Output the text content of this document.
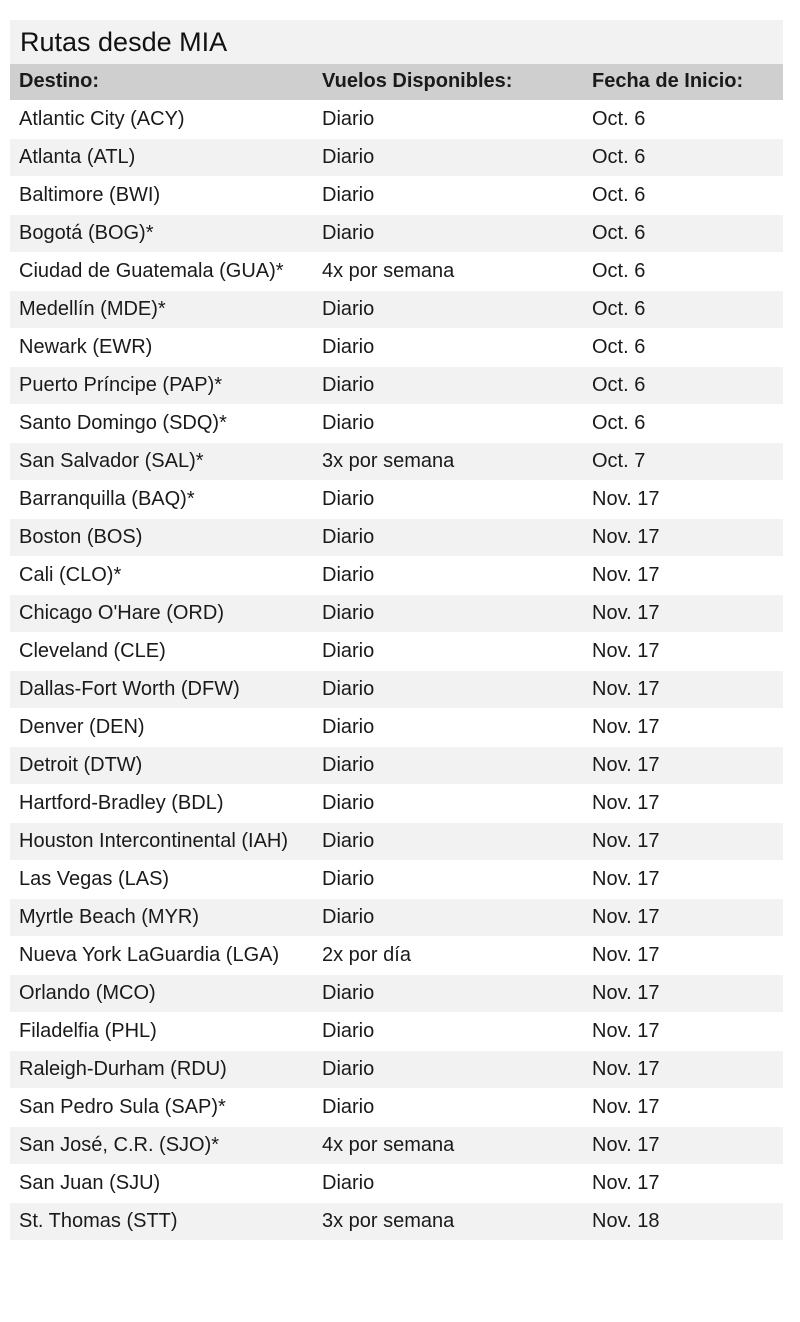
Rutas desde MIA
Destino:	Vuelos Disponibles:	Fecha de Inicio:

Atlantic City (ACY)	Diario	Oct. 6

Atlanta (ATL)	Diario	Oct. 6

Baltimore (BWI)	Diario	Oct. 6

Bogotá (BOG)*	Diario	Oct. 6

Ciudad de Guatemala (GUA)*	4x por semana	Oct. 6

Medellín (MDE)*	Diario	Oct. 6

Newark (EWR)	Diario	Oct. 6

Puerto Príncipe (PAP)*	Diario	Oct. 6

Santo Domingo (SDQ)*	Diario	Oct. 6

San Salvador (SAL)*	3x por semana	Oct. 7

Barranquilla (BAQ)*	Diario	Nov. 17

Boston (BOS)	Diario	Nov. 17

Cali (CLO)*	Diario	Nov. 17

Chicago O'Hare (ORD)	Diario	Nov. 17

Cleveland (CLE)	Diario	Nov. 17

Dallas-Fort Worth (DFW)	Diario	Nov. 17

Denver (DEN)	Diario	Nov. 17

Detroit (DTW)	Diario	Nov. 17

Hartford-Bradley (BDL)	Diario	Nov. 17

Houston Intercontinental (IAH)	Diario	Nov. 17

Las Vegas (LAS)	Diario	Nov. 17

Myrtle Beach (MYR)	Diario	Nov. 17

Nueva York LaGuardia (LGA)	2x por día	Nov. 17

Orlando (MCO)	Diario	Nov. 17

Filadelfia (PHL)	Diario	Nov. 17

Raleigh-Durham (RDU)	Diario	Nov. 17

San Pedro Sula (SAP)*	Diario	Nov. 17

San José, C.R. (SJO)*	4x por semana	Nov. 17

San Juan (SJU)	Diario	Nov. 17

St. Thomas (STT)	3x por semana	Nov. 18
